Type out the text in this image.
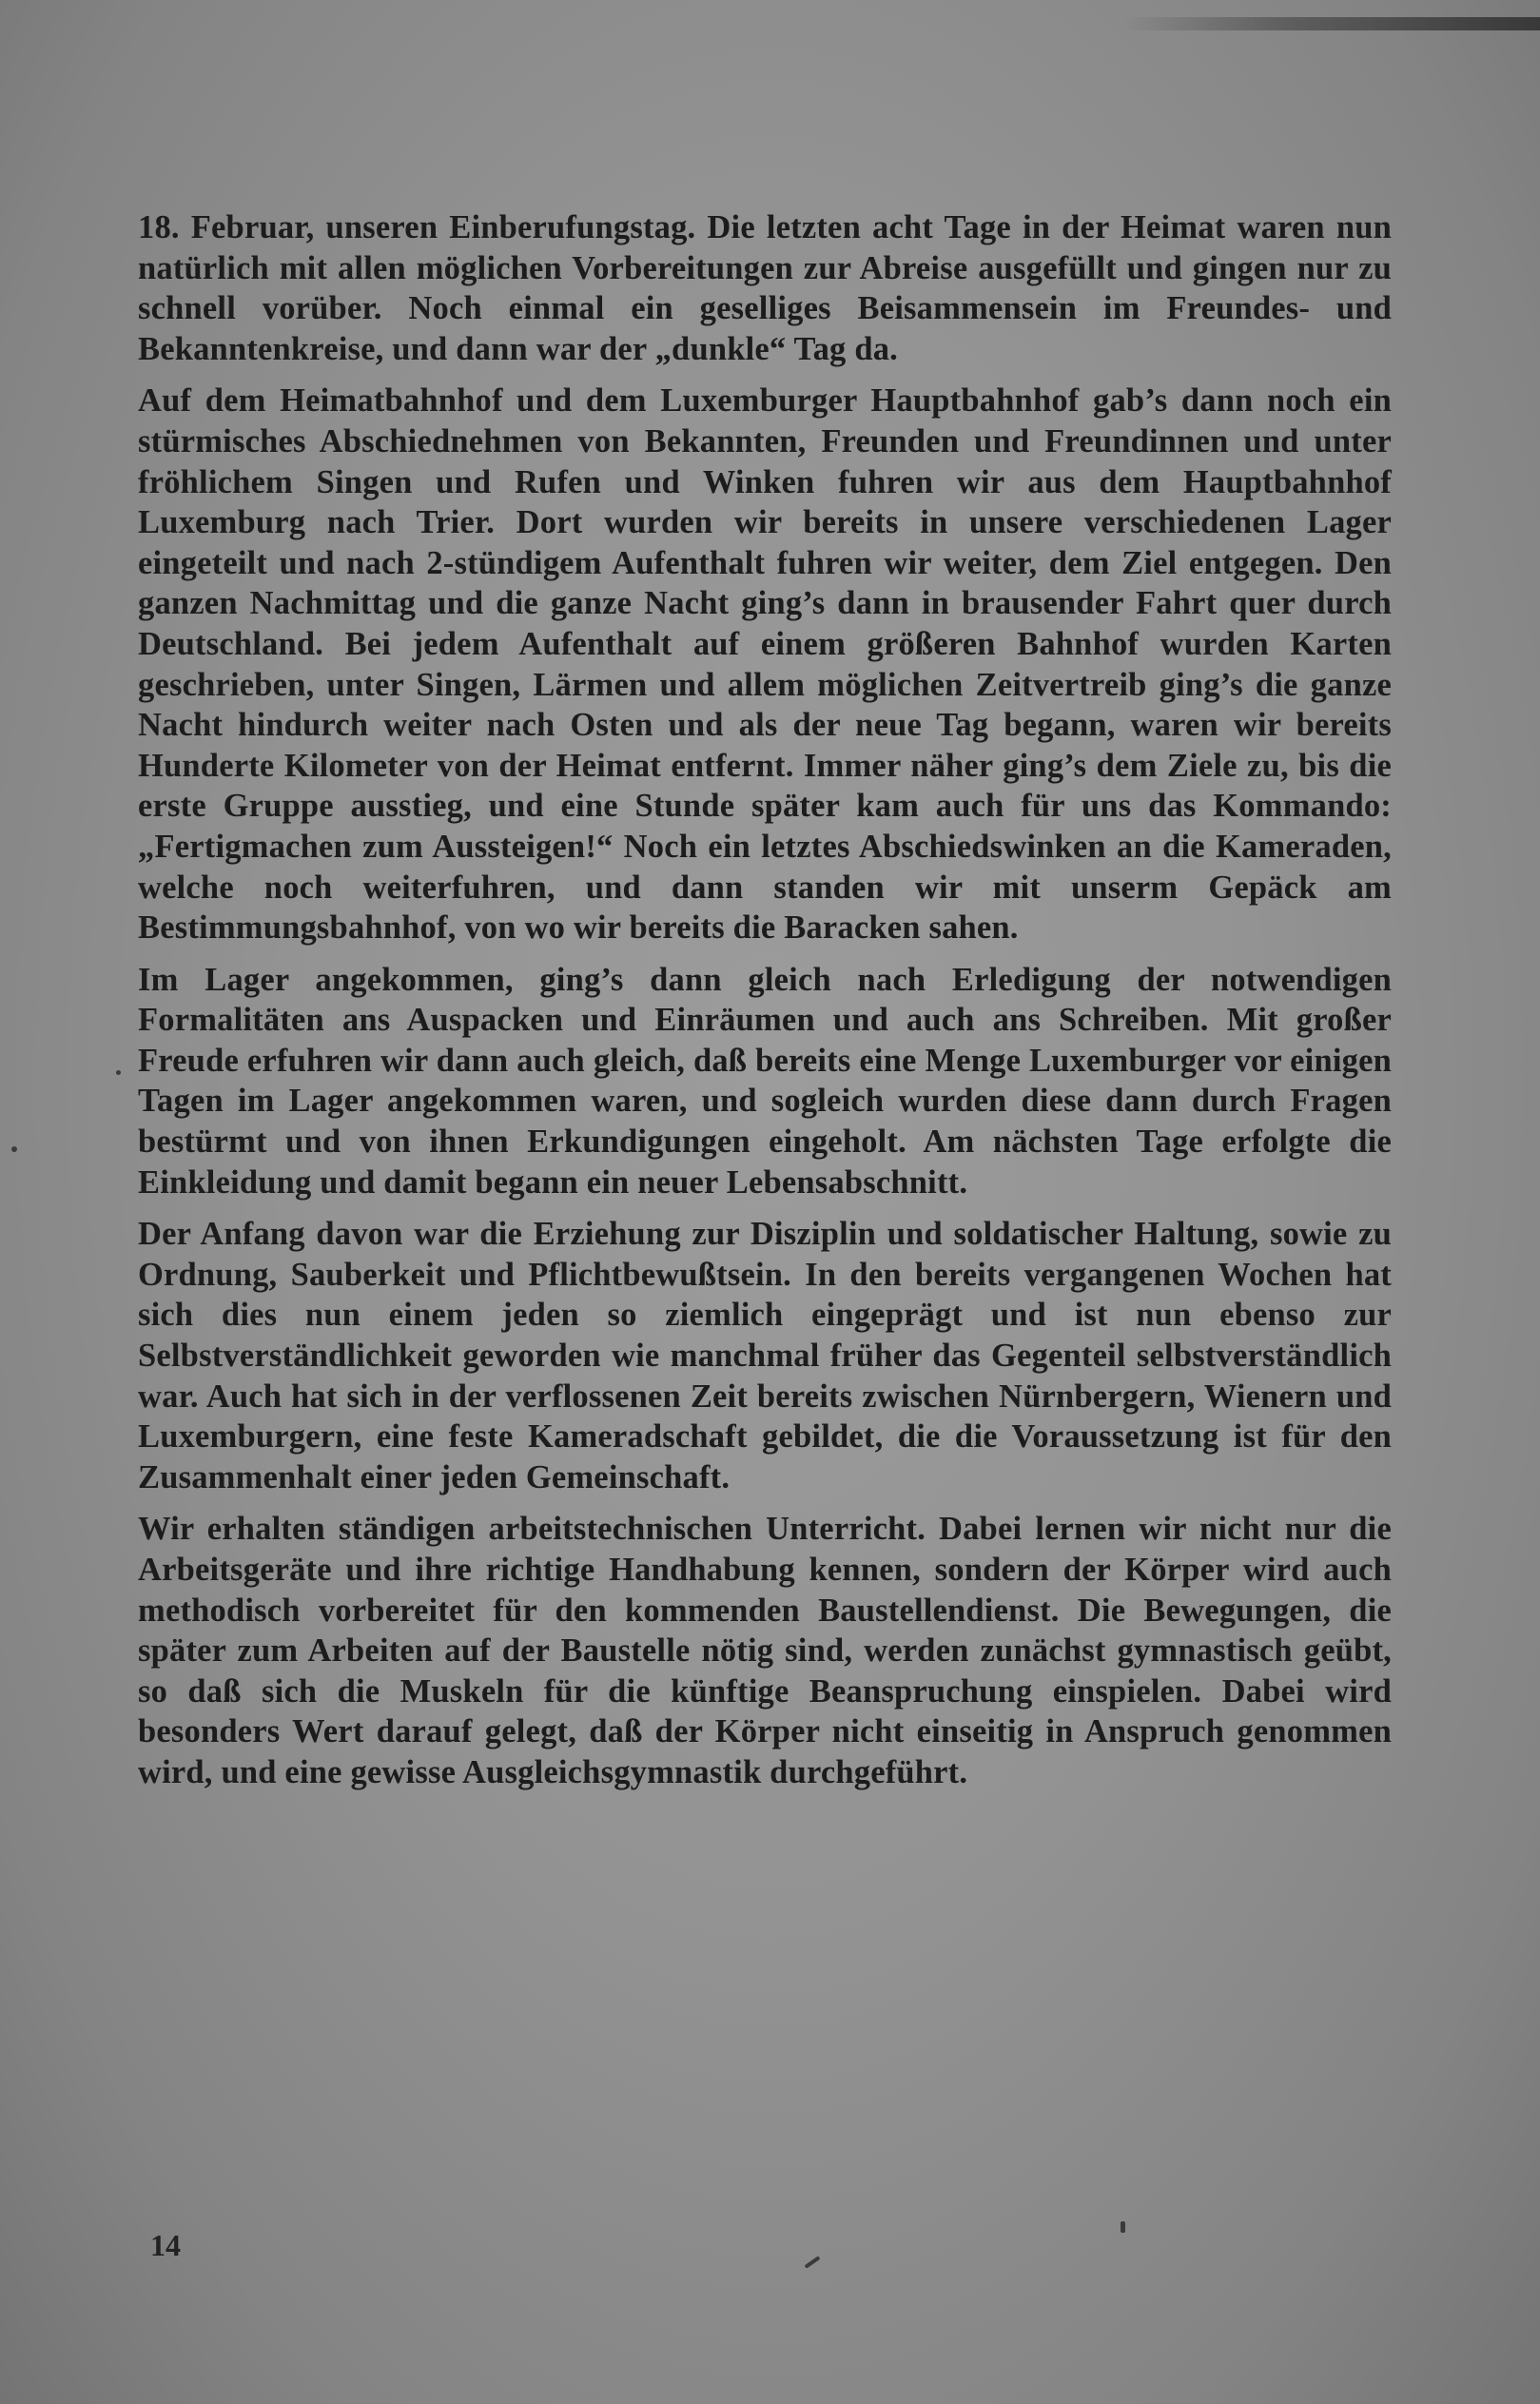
18. Februar, unseren Einberufungstag. Die letzten acht Tage in der Heimat waren nun natürlich mit allen möglichen Vorbereitungen zur Abreise ausgefüllt und gingen nur zu schnell vorüber. Noch einmal ein geselliges Beisammensein im Freundes- und Bekanntenkreise, und dann war der „dunkle“ Tag da.

Auf dem Heimatbahnhof und dem Luxemburger Hauptbahnhof gab’s dann noch ein stürmisches Abschiednehmen von Bekannten, Freunden und Freundinnen und unter fröhlichem Singen und Rufen und Winken fuhren wir aus dem Hauptbahnhof Luxemburg nach Trier. Dort wurden wir bereits in unsere verschiedenen Lager eingeteilt und nach 2-stündigem Aufenthalt fuhren wir weiter, dem Ziel entgegen. Den ganzen Nachmittag und die ganze Nacht ging’s dann in brausender Fahrt quer durch Deutschland. Bei jedem Aufenthalt auf einem größeren Bahnhof wurden Karten geschrieben, unter Singen, Lärmen und allem möglichen Zeitvertreib ging’s die ganze Nacht hindurch weiter nach Osten und als der neue Tag begann, waren wir bereits Hunderte Kilometer von der Heimat entfernt. Immer näher ging’s dem Ziele zu, bis die erste Gruppe ausstieg, und eine Stunde später kam auch für uns das Kommando: „Fertigmachen zum Aussteigen!“ Noch ein letztes Abschiedswinken an die Kameraden, welche noch weiterfuhren, und dann standen wir mit unserm Gepäck am Bestimmungsbahnhof, von wo wir bereits die Baracken sahen.

Im Lager angekommen, ging’s dann gleich nach Erledigung der notwendigen Formalitäten ans Auspacken und Einräumen und auch ans Schreiben. Mit großer Freude erfuhren wir dann auch gleich, daß bereits eine Menge Luxemburger vor einigen Tagen im Lager angekommen waren, und sogleich wurden diese dann durch Fragen bestürmt und von ihnen Erkundigungen eingeholt. Am nächsten Tage erfolgte die Einkleidung und damit begann ein neuer Lebensabschnitt.

Der Anfang davon war die Erziehung zur Disziplin und soldatischer Haltung, sowie zu Ordnung, Sauberkeit und Pflichtbewußtsein. In den bereits vergangenen Wochen hat sich dies nun einem jeden so ziemlich eingeprägt und ist nun ebenso zur Selbstverständlichkeit geworden wie manchmal früher das Gegenteil selbstverständlich war. Auch hat sich in der verflossenen Zeit bereits zwischen Nürnbergern, Wienern und Luxemburgern, eine feste Kameradschaft gebildet, die die Voraussetzung ist für den Zusammenhalt einer jeden Gemeinschaft.

Wir erhalten ständigen arbeitstechnischen Unterricht. Dabei lernen wir nicht nur die Arbeitsgeräte und ihre richtige Handhabung kennen, sondern der Körper wird auch methodisch vorbereitet für den kommenden Baustellendienst. Die Bewegungen, die später zum Arbeiten auf der Baustelle nötig sind, werden zunächst gymnastisch geübt, so daß sich die Muskeln für die künftige Beanspruchung einspielen. Dabei wird besonders Wert darauf gelegt, daß der Körper nicht einseitig in Anspruch genommen wird, und eine gewisse Ausgleichsgymnastik durchgeführt.

14
